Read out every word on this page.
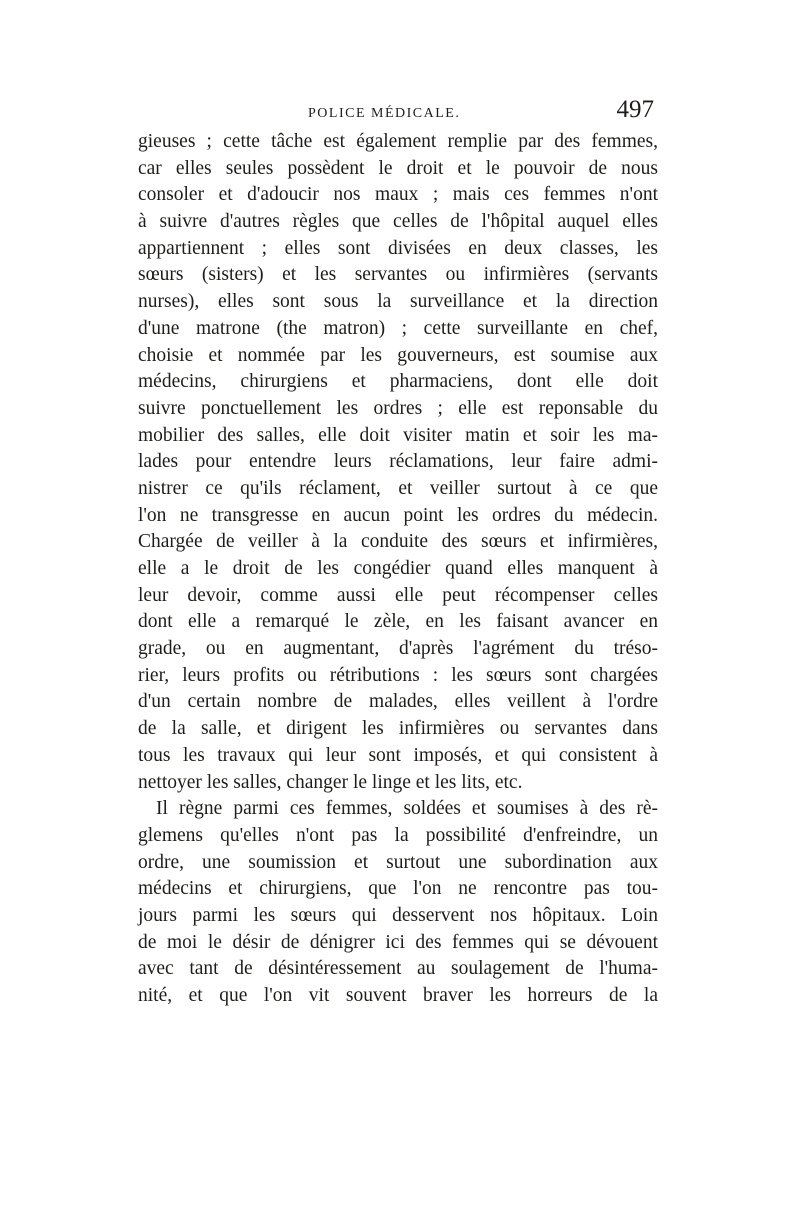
POLICE MÉDICALE.	497
gieuses ; cette tâche est également remplie par des femmes,
car elles seules possèdent le droit et le pouvoir de nous
consoler et d'adoucir nos maux ; mais ces femmes n'ont
à suivre d'autres règles que celles de l'hôpital auquel elles
appartiennent ; elles sont divisées en deux classes, les
sœurs (sisters) et les servantes ou infirmières (servants
nurses), elles sont sous la surveillance et la direction
d'une matrone (the matron) ; cette surveillante en chef,
choisie et nommée par les gouverneurs, est soumise aux
médecins, chirurgiens et pharmaciens, dont elle doit
suivre ponctuellement les ordres ; elle est reponsable du
mobilier des salles, elle doit visiter matin et soir les ma-
lades pour entendre leurs réclamations, leur faire admi-
nistrer ce qu'ils réclament, et veiller surtout à ce que
l'on ne transgresse en aucun point les ordres du médecin.
Chargée de veiller à la conduite des sœurs et infirmières,
elle a le droit de les congédier quand elles manquent à
leur devoir, comme aussi elle peut récompenser celles
dont elle a remarqué le zèle, en les faisant avancer en
grade, ou en augmentant, d'après l'agrément du tréso-
rier, leurs profits ou rétributions : les sœurs sont chargées
d'un certain nombre de malades, elles veillent à l'ordre
de la salle, et dirigent les infirmières ou servantes dans
tous les travaux qui leur sont imposés, et qui consistent à
nettoyer les salles, changer le linge et les lits, etc.
Il règne parmi ces femmes, soldées et soumises à des rè-
glemens qu'elles n'ont pas la possibilité d'enfreindre, un
ordre, une soumission et surtout une subordination aux
médecins et chirurgiens, que l'on ne rencontre pas tou-
jours parmi les sœurs qui desservent nos hôpitaux. Loin
de moi le désir de dénigrer ici des femmes qui se dévouent
avec tant de désintéressement au soulagement de l'huma-
nité, et que l'on vit souvent braver les horreurs de la
